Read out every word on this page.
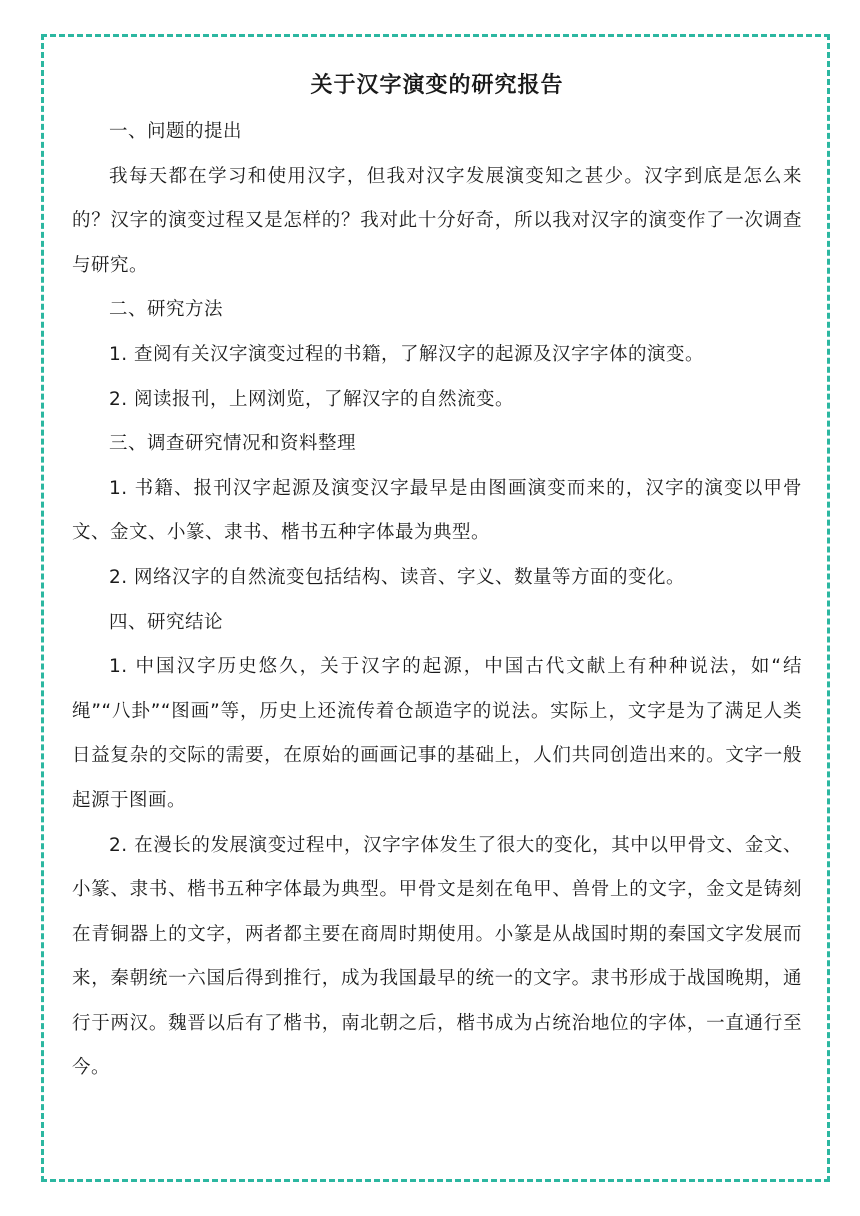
关于汉字演变的研究报告

一、问题的提出

我每天都在学习和使用汉字，但我对汉字发展演变知之甚少。汉字到底是怎么来的？汉字的演变过程又是怎样的？我对此十分好奇，所以我对汉字的演变作了一次调查与研究。

二、研究方法

1. 查阅有关汉字演变过程的书籍，了解汉字的起源及汉字字体的演变。

2. 阅读报刊，上网浏览，了解汉字的自然流变。

三、调查研究情况和资料整理

1. 书籍、报刊汉字起源及演变汉字最早是由图画演变而来的，汉字的演变以甲骨文、金文、小篆、隶书、楷书五种字体最为典型。

2. 网络汉字的自然流变包括结构、读音、字义、数量等方面的变化。

四、研究结论

1. 中国汉字历史悠久，关于汉字的起源，中国古代文献上有种种说法，如“结绳”“八卦”“图画”等，历史上还流传着仓颉造字的说法。实际上，文字是为了满足人类日益复杂的交际的需要，在原始的画画记事的基础上，人们共同创造出来的。文字一般起源于图画。

2. 在漫长的发展演变过程中，汉字字体发生了很大的变化，其中以甲骨文、金文、小篆、隶书、楷书五种字体最为典型。甲骨文是刻在龟甲、兽骨上的文字，金文是铸刻在青铜器上的文字，两者都主要在商周时期使用。小篆是从战国时期的秦国文字发展而来，秦朝统一六国后得到推行，成为我国最早的统一的文字。隶书形成于战国晚期，通行于两汉。魏晋以后有了楷书，南北朝之后，楷书成为占统治地位的字体，一直通行至今。
